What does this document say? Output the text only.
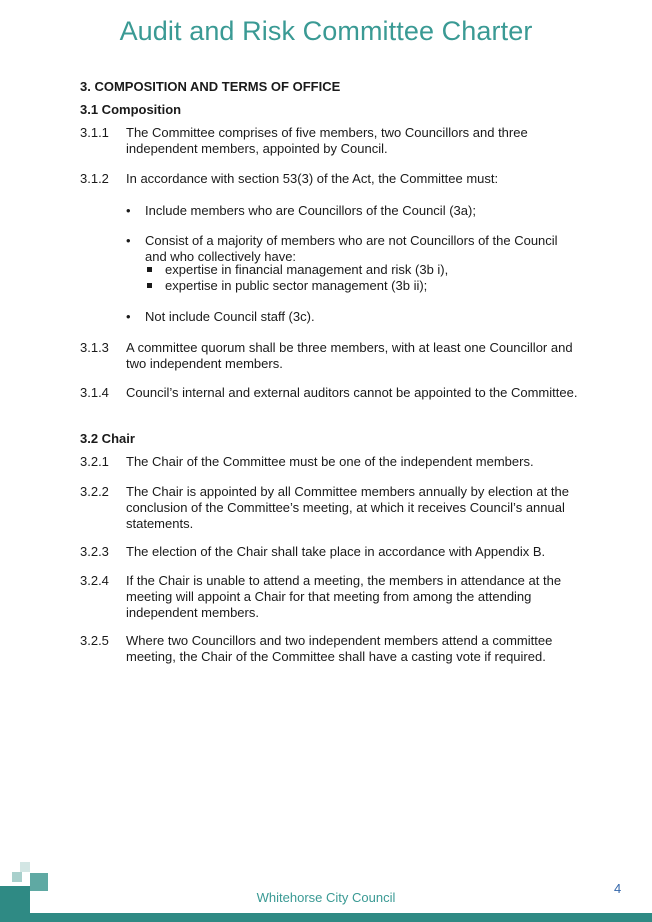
Audit and Risk Committee Charter
3. COMPOSITION AND TERMS OF OFFICE
3.1 Composition
3.1.1 The Committee comprises of five members, two Councillors and three independent members, appointed by Council.
3.1.2 In accordance with section 53(3) of the Act, the Committee must:
• Include members who are Councillors of the Council (3a);
• Consist of a majority of members who are not Councillors of the Council and who collectively have:
expertise in financial management and risk (3b i),
expertise in public sector management (3b ii);
• Not include Council staff (3c).
3.1.3 A committee quorum shall be three members, with at least one Councillor and two independent members.
3.1.4 Council’s internal and external auditors cannot be appointed to the Committee.
3.2 Chair
3.2.1 The Chair of the Committee must be one of the independent members.
3.2.2 The Chair is appointed by all Committee members annually by election at the conclusion of the Committee’s meeting, at which it receives Council’s annual statements.
3.2.3 The election of the Chair shall take place in accordance with Appendix B.
3.2.4 If the Chair is unable to attend a meeting, the members in attendance at the meeting will appoint a Chair for that meeting from among the attending independent members.
3.2.5 Where two Councillors and two independent members attend a committee meeting, the Chair of the Committee shall have a casting vote if required.
Whitehorse City Council
4
